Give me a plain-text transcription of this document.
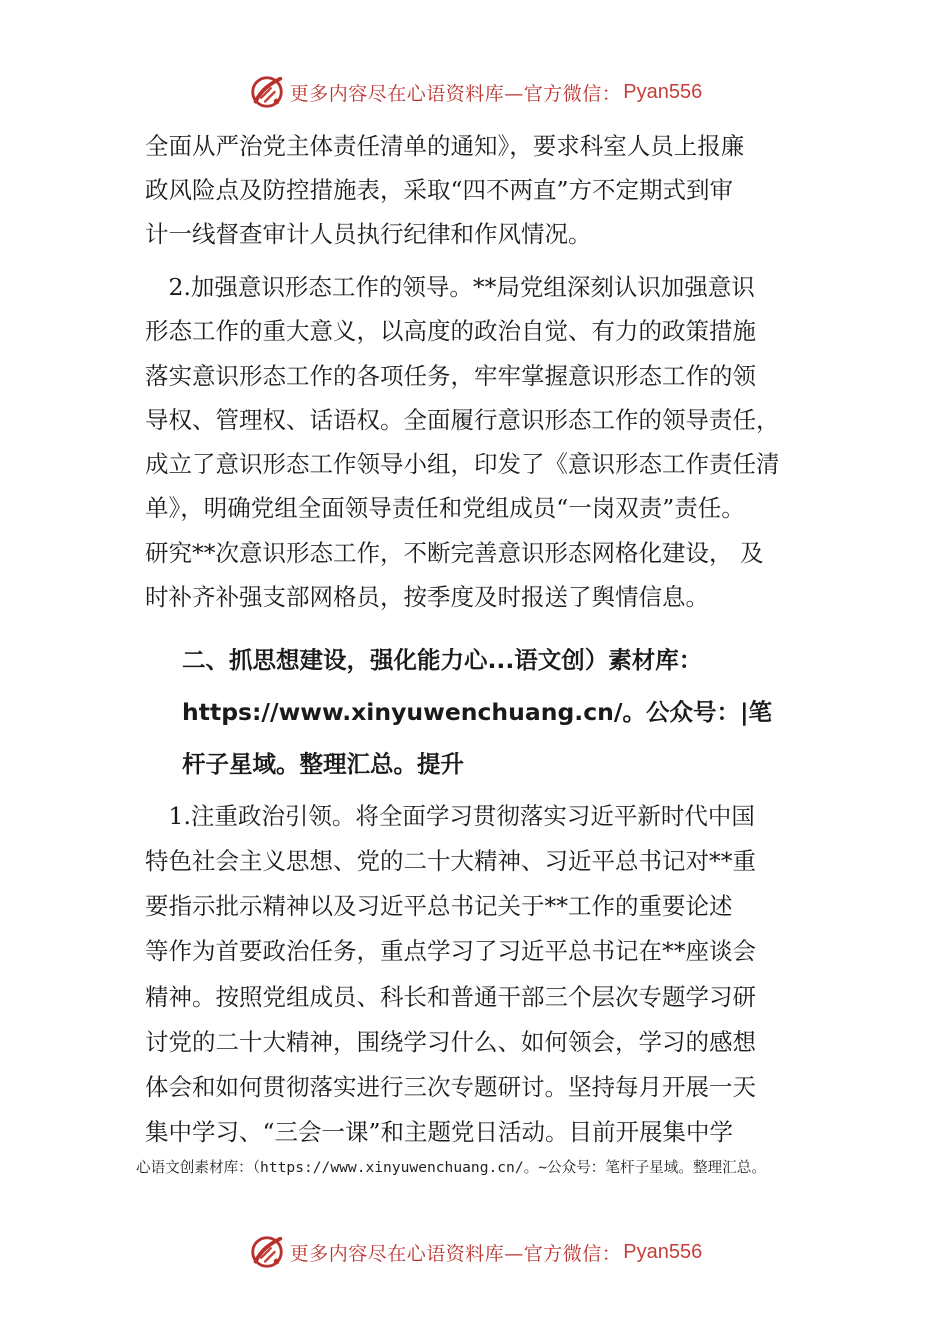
更多内容尽在心语资料库—官方微信： Pyan556
全面从严治党主体责任清单的通知》，要求科室人员上报廉
政风险点及防控措施表，采取“四不两直”方不定期式到审
计一线督查审计人员执行纪律和作风情况。
　2.加强意识形态工作的领导。**局党组深刻认识加强意识
形态工作的重大意义，以高度的政治自觉、有力的政策措施
落实意识形态工作的各项任务，牢牢掌握意识形态工作的领
导权、管理权、话语权。全面履行意识形态工作的领导责任，
成立了意识形态工作领导小组，印发了《意识形态工作责任清
单》，明确党组全面领导责任和党组成员“一岗双责”责任。
研究**次意识形态工作，不断完善意识形态网格化建设， 及
时补齐补强支部网格员，按季度及时报送了舆情信息。
二、抓思想建设，强化能力心...语文创）素材库：
https://www.xinyuwenchuang.cn/。公众号：|笔
杆子星域。整理汇总。提升
　1.注重政治引领。将全面学习贯彻落实习近平新时代中国
特色社会主义思想、党的二十大精神、习近平总书记对**重
要指示批示精神以及习近平总书记关于**工作的重要论述
等作为首要政治任务，重点学习了习近平总书记在**座谈会
精神。按照党组成员、科长和普通干部三个层次专题学习研
讨党的二十大精神，围绕学习什么、如何领会，学习的感想
体会和如何贯彻落实进行三次专题研讨。坚持每月开展一天
集中学习、“三会一课”和主题党日活动。目前开展集中学
心语文创素材库：（https://www.xinyuwenchuang.cn/。~公众号：笔杆子星域。整理汇总。
更多内容尽在心语资料库—官方微信： Pyan556
